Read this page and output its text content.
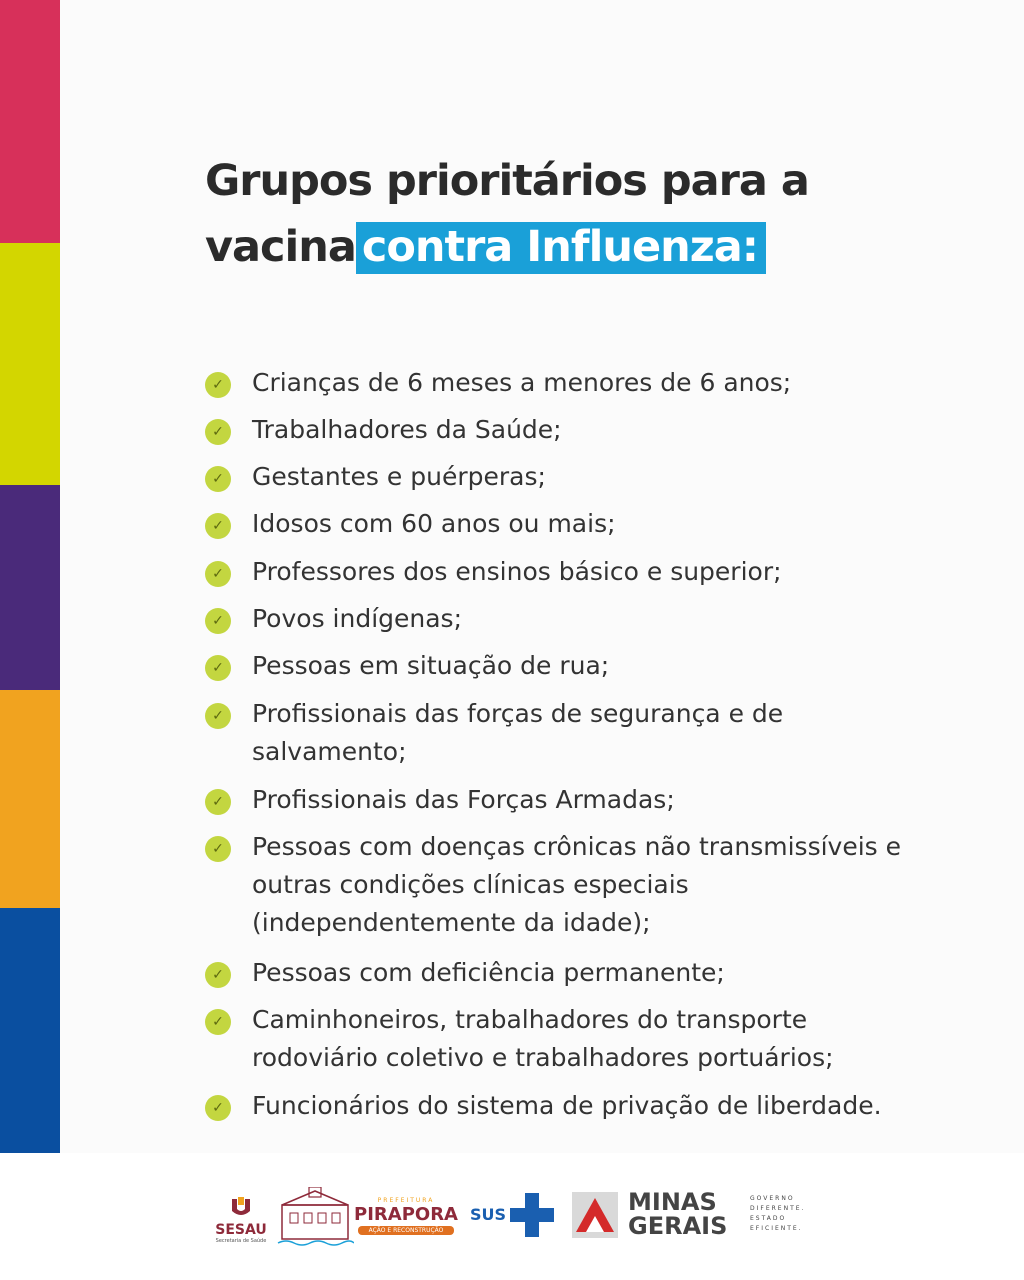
Grupos prioritários para a
vacina contra Influenza:
✓ Crianças de 6 meses a menores de 6 anos;
✓ Trabalhadores da Saúde;
✓ Gestantes e puérperas;
✓ Idosos com 60 anos ou mais;
✓ Professores dos ensinos básico e superior;
✓ Povos indígenas;
✓ Pessoas em situação de rua;
✓ Profissionais das forças de segurança e de salvamento;
✓ Profissionais das Forças Armadas;
✓ Pessoas com doenças crônicas não transmissíveis e outras condições clínicas especiais (independentemente da idade);
✓ Pessoas com deficiência permanente;
✓ Caminhoneiros, trabalhadores do transporte rodoviário coletivo e trabalhadores portuários;
✓ Funcionários do sistema de privação de liberdade.
SESAU
Secretaria de Saúde
PREFEITURA
PIRAPORA
AÇÃO E RECONSTRUÇÃO
SUS	MINAS
GERAIS
GOVERNO
DIFERENTE.
ESTADO
EFICIENTE.
